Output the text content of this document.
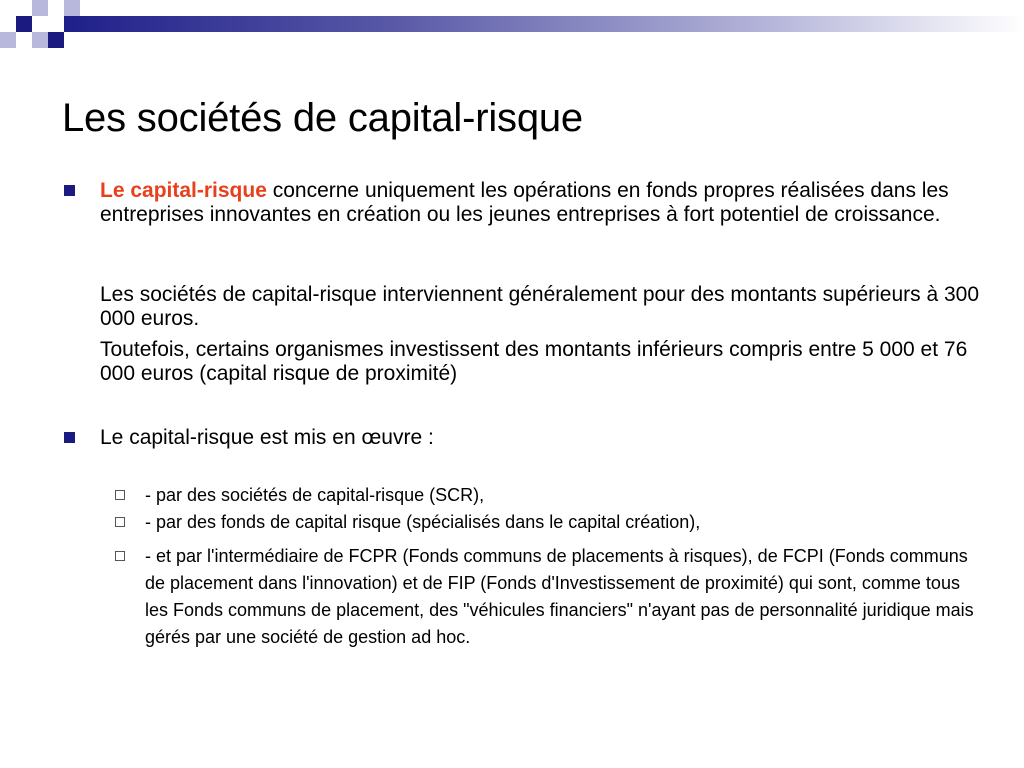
Les sociétés de capital-risque

Le capital-risque concerne uniquement les opérations en fonds propres réalisées dans les entreprises innovantes en création ou les jeunes entreprises à fort potentiel de croissance.

Les sociétés de capital-risque interviennent généralement pour des montants supérieurs à 300 000 euros.

Toutefois, certains organismes investissent des montants inférieurs compris entre 5 000 et 76 000 euros (capital risque de proximité)

Le capital-risque est mis en œuvre :

- par des sociétés de capital-risque (SCR),

- par des fonds de capital risque (spécialisés dans le capital création),

- et par l'intermédiaire de FCPR (Fonds communs de placements à risques), de FCPI (Fonds communs de placement dans l'innovation) et de FIP (Fonds d'Investissement de proximité) qui sont, comme tous les Fonds communs de placement, des "véhicules financiers" n'ayant pas de personnalité juridique mais gérés par une société de gestion ad hoc.
